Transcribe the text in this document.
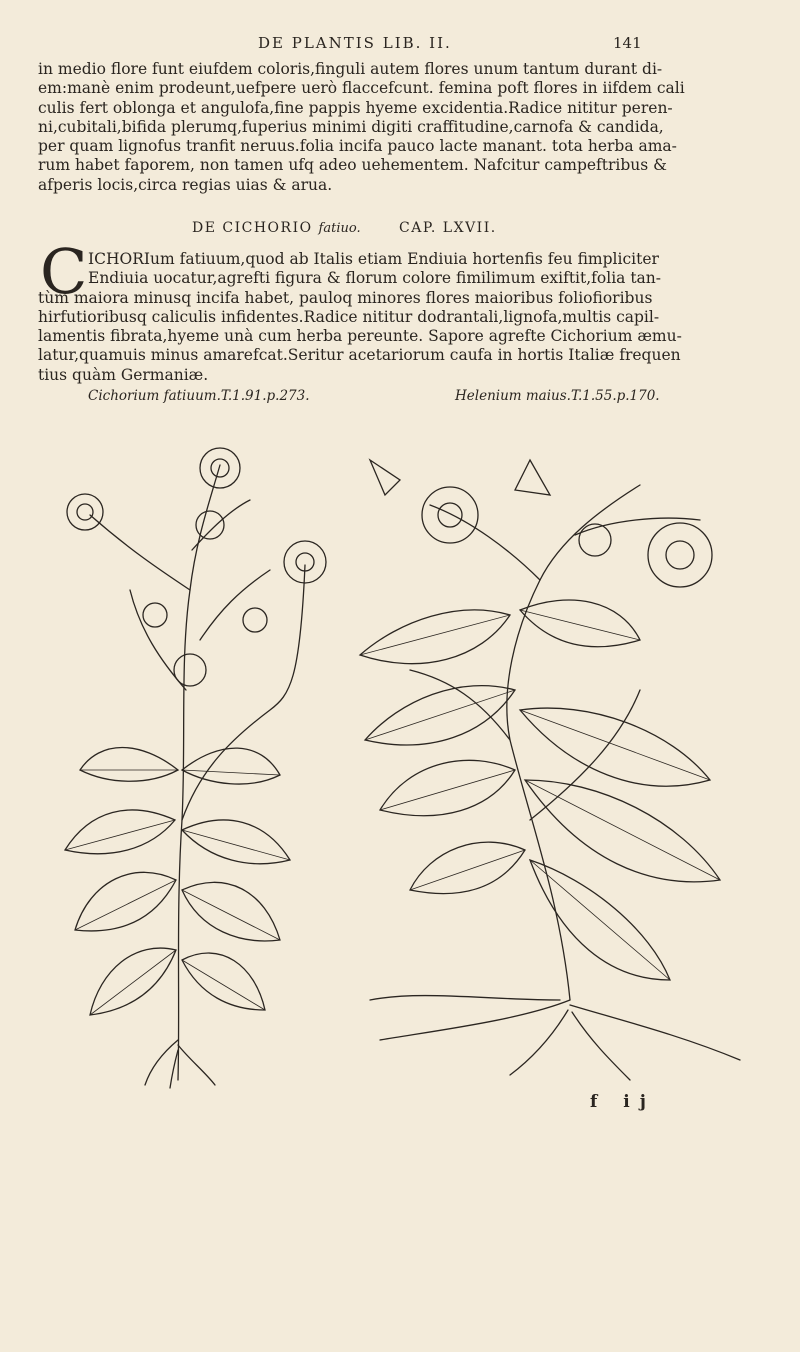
DE PLANTIS LIB. II.	141

in medio flore funt eiufdem coloris,finguli autem flores unum tantum durant di-
em:manè enim prodeunt,uefpere uerò flaccefcunt. femina poft flores in iifdem cali
culis fert oblonga et angulofa,fine pappis hyeme excidentia.Radice nititur peren-
ni,cubitali,bifida plerumq,fuperius minimi digiti craffitudine,carnofa & candida,
per quam lignofus tranfit neruus.folia incifa pauco lacte manant. tota herba ama-
rum habet faporem, non tamen ufq adeo uehementem. Nafcitur campeftribus &
afperis locis,circa regias uias & arua.

DE CICHORIO fatiuo.	CAP. LXVII.
C ICHORIum fatiuum,quod ab Italis etiam Endiuia hortenfis feu fimpliciter
Endiuia uocatur,agrefti figura & florum colore fimilimum exiftit,folia tan-
tùm maiora minusq incifa habet, pauloq minores flores maioribus foliofioribus
hirfutioribusq caliculis infidentes.Radice nititur dodrantali,lignofa,multis capil-
lamentis fibrata,hyeme unà cum herba pereunte. Sapore agrefte Cichorium æmu-
latur,quamuis minus amarefcat.Seritur acetariorum caufa in hortis Italiæ frequen
tius quàm Germaniæ.

Cichorium fatiuum.T.1.91.p.273.	Helenium maius.T.1.55.p.170.
f ij
